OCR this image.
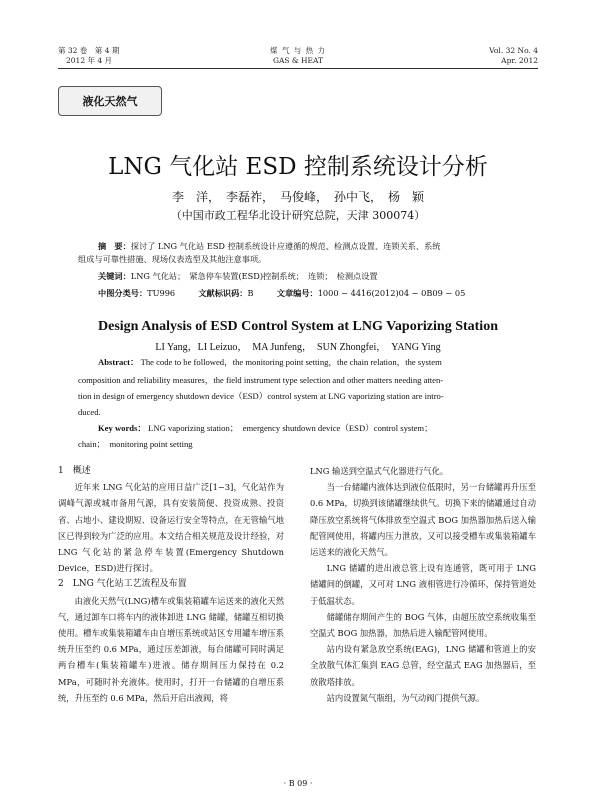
第 32 卷　第 4 期
2012 年 4 月
煤 气 与 热 力
GAS & HEAT
Vol. 32 No. 4
Apr. 2012
液化天然气
LNG 气化站 ESD 控制系统设计分析
李　洋，　李磊祚，　马俊峰，　孙中飞，　杨　颖
（中国市政工程华北设计研究总院，天津 300074）
摘　要：探讨了 LNG 气化站 ESD 控制系统设计应遵循的规范、检测点设置、连锁关系、系统
组成与可靠性措施、现场仪表选型及其他注意事项。
关键词：LNG 气化站；　紧急停车装置(ESD)控制系统；　连锁；　检测点设置
中图分类号：TU996	文献标识码：B	文章编号：1000 − 4416(2012)04 − 0B09 − 05
Design Analysis of ESD Control System at LNG Vaporizing Station
LI Yang，LI Leizuo，　MA Junfeng，　SUN Zhongfei，　YANG Ying
Abstract： The code to be followed，the monitoring point setting，the chain relation，the system
composition and reliability measures，the field instrument type selection and other matters needing atten-
tion in design of emergency shutdown device（ESD）control system at LNG vaporizing station are intro-
duced.
Key words： LNG vaporizing station；　emergency shutdown device（ESD）control system；
chain；　monitoring point setting
1　概述

近年来 LNG 气化站的应用日益广泛[1−3]，气化站作为调峰气源或城市备用气源，具有安装简便、投资成熟、投资省、占地小、建设期短、设备运行安全等特点，在无管输气地区已得到较为广泛的应用。本文结合相关规范及设计经验，对 LNG 气化站的紧急停车装置(Emergency Shutdown Device，ESD)进行探讨。

2　LNG 气化站工艺流程及布置

由液化天然气(LNG)槽车或集装箱罐车运送来的液化天然气，通过卸车口将车内的液体卸进 LNG 储罐，储罐互相切换使用。槽车或集装箱罐车由自增压系统或站区专用罐车增压系统升压至约 0.6 MPa，通过压差卸液，每台储罐可同时满足两台槽车(集装箱罐车)进液。储存期间压力保持在 0.2 MPa，可随时补充液体。使用时，打开一台储罐的自增压系统，升压至约 0.6 MPa，然后开启出液阀，将

LNG 输送到空温式气化器进行气化。

当一台储罐内液体达到液位低限时，另一台储罐再升压至 0.6 MPa，切换到该储罐继续供气。切换下来的储罐通过自动降压放空系统将气体排放至空温式 BOG 加热器加热后送入输配管网使用，将罐内压力泄放，又可以接受槽车或集装箱罐车运送来的液化天然气。

LNG 储罐的进出液总管上设有连通管，既可用于 LNG 储罐间的倒罐，又可对 LNG 液相管进行冷循环，保持管道处于低温状态。

储罐储存期间产生的 BOG 气体，由超压放空系统收集至空温式 BOG 加热器，加热后进入输配管网使用。

站内设有紧急放空系统(EAG)，LNG 储罐和管道上的安全放散气体汇集到 EAG 总管，经空温式 EAG 加热器后，至放散塔排放。

站内设置氮气瓶组，为气动阀门提供气源。

· B 09 ·
